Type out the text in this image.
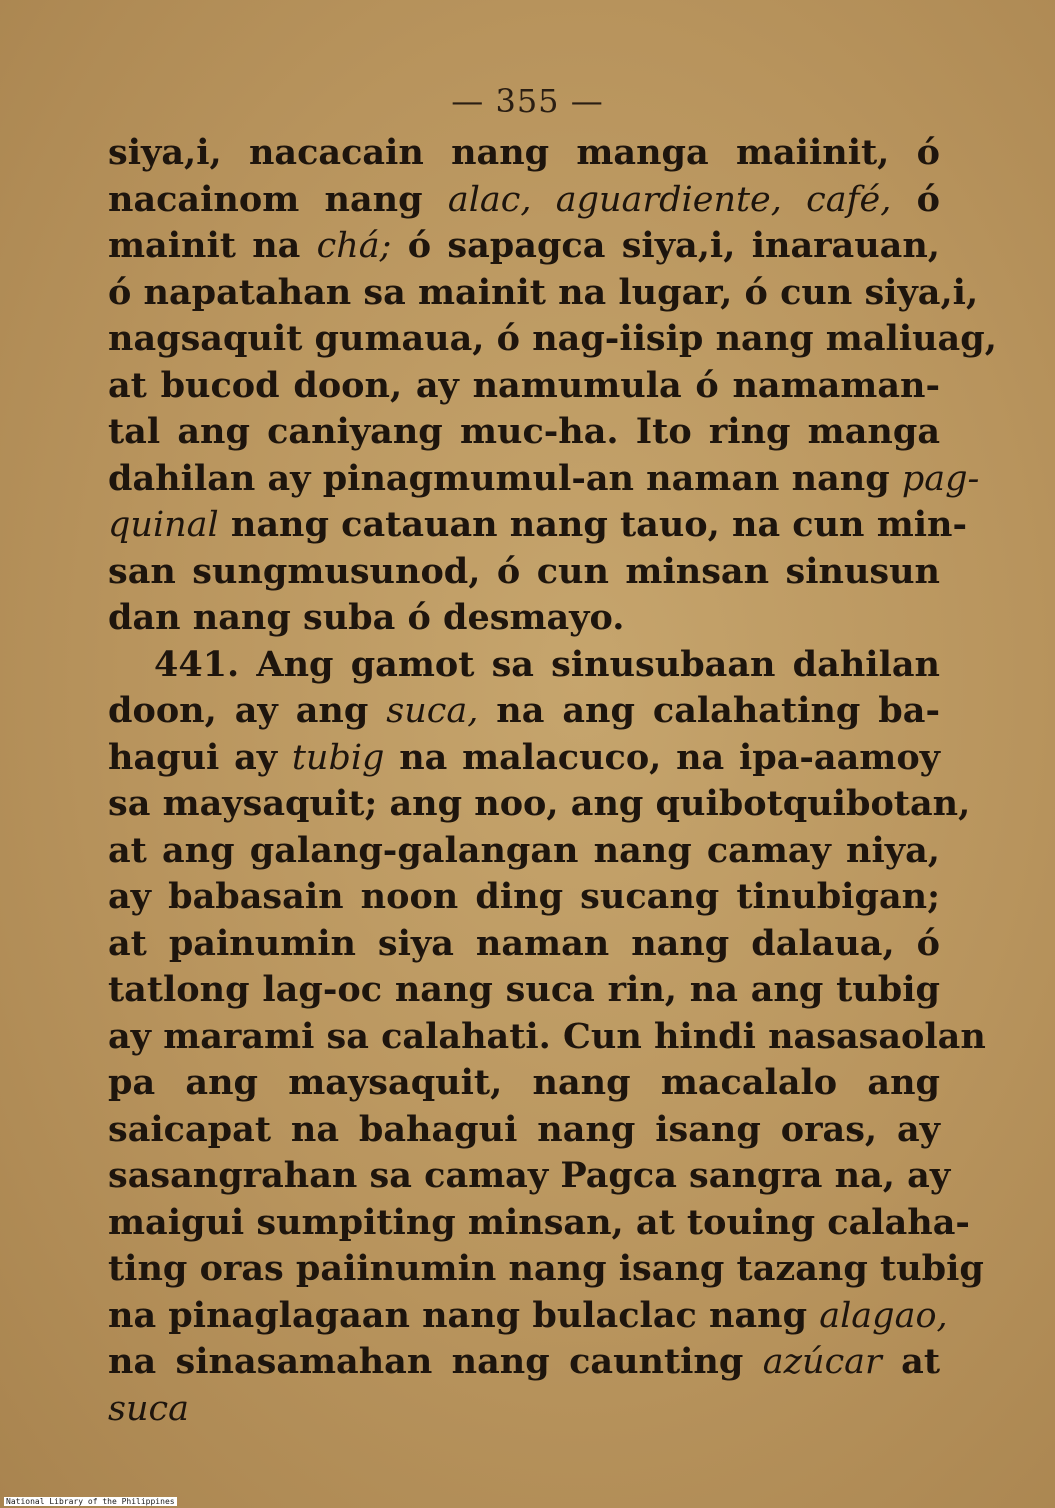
— 355 —
siya,i, nacacain nang manga maiinit, ó
nacainom nang alac, aguardiente, café, ó
mainit na chá; ó sapagca siya,i, inarauan,
ó napatahan sa mainit na lugar, ó cun siya,i,
nagsaquit gumaua, ó nag-iisip nang maliuag,
at bucod doon, ay namumula ó namaman-
tal ang caniyang muc-ha. Ito ring manga
dahilan ay pinagmumul-an naman nang pag-
quinal nang catauan nang tauo, na cun min-
san sungmusunod, ó cun minsan sinusun
dan nang suba ó desmayo.
441. Ang gamot sa sinusubaan dahilan
doon, ay ang suca, na ang calahating ba-
hagui ay tubig na malacuco, na ipa-aamoy
sa maysaquit; ang noo, ang quibotquibotan,
at ang galang-galangan nang camay niya,
ay babasain noon ding sucang tinubigan;
at painumin siya naman nang dalaua, ó
tatlong lag-oc nang suca rin, na ang tubig
ay marami sa calahati. Cun hindi nasasaolan
pa ang maysaquit, nang macalalo ang
saicapat na bahagui nang isang oras, ay
sasangrahan sa camay Pagca sangra na, ay
maigui sumpiting minsan, at touing calaha-
ting oras paiinumin nang isang tazang tubig
na pinaglagaan nang bulaclac nang alagao,
na sinasamahan nang caunting azúcar at
suca
National Library of the Philippines
